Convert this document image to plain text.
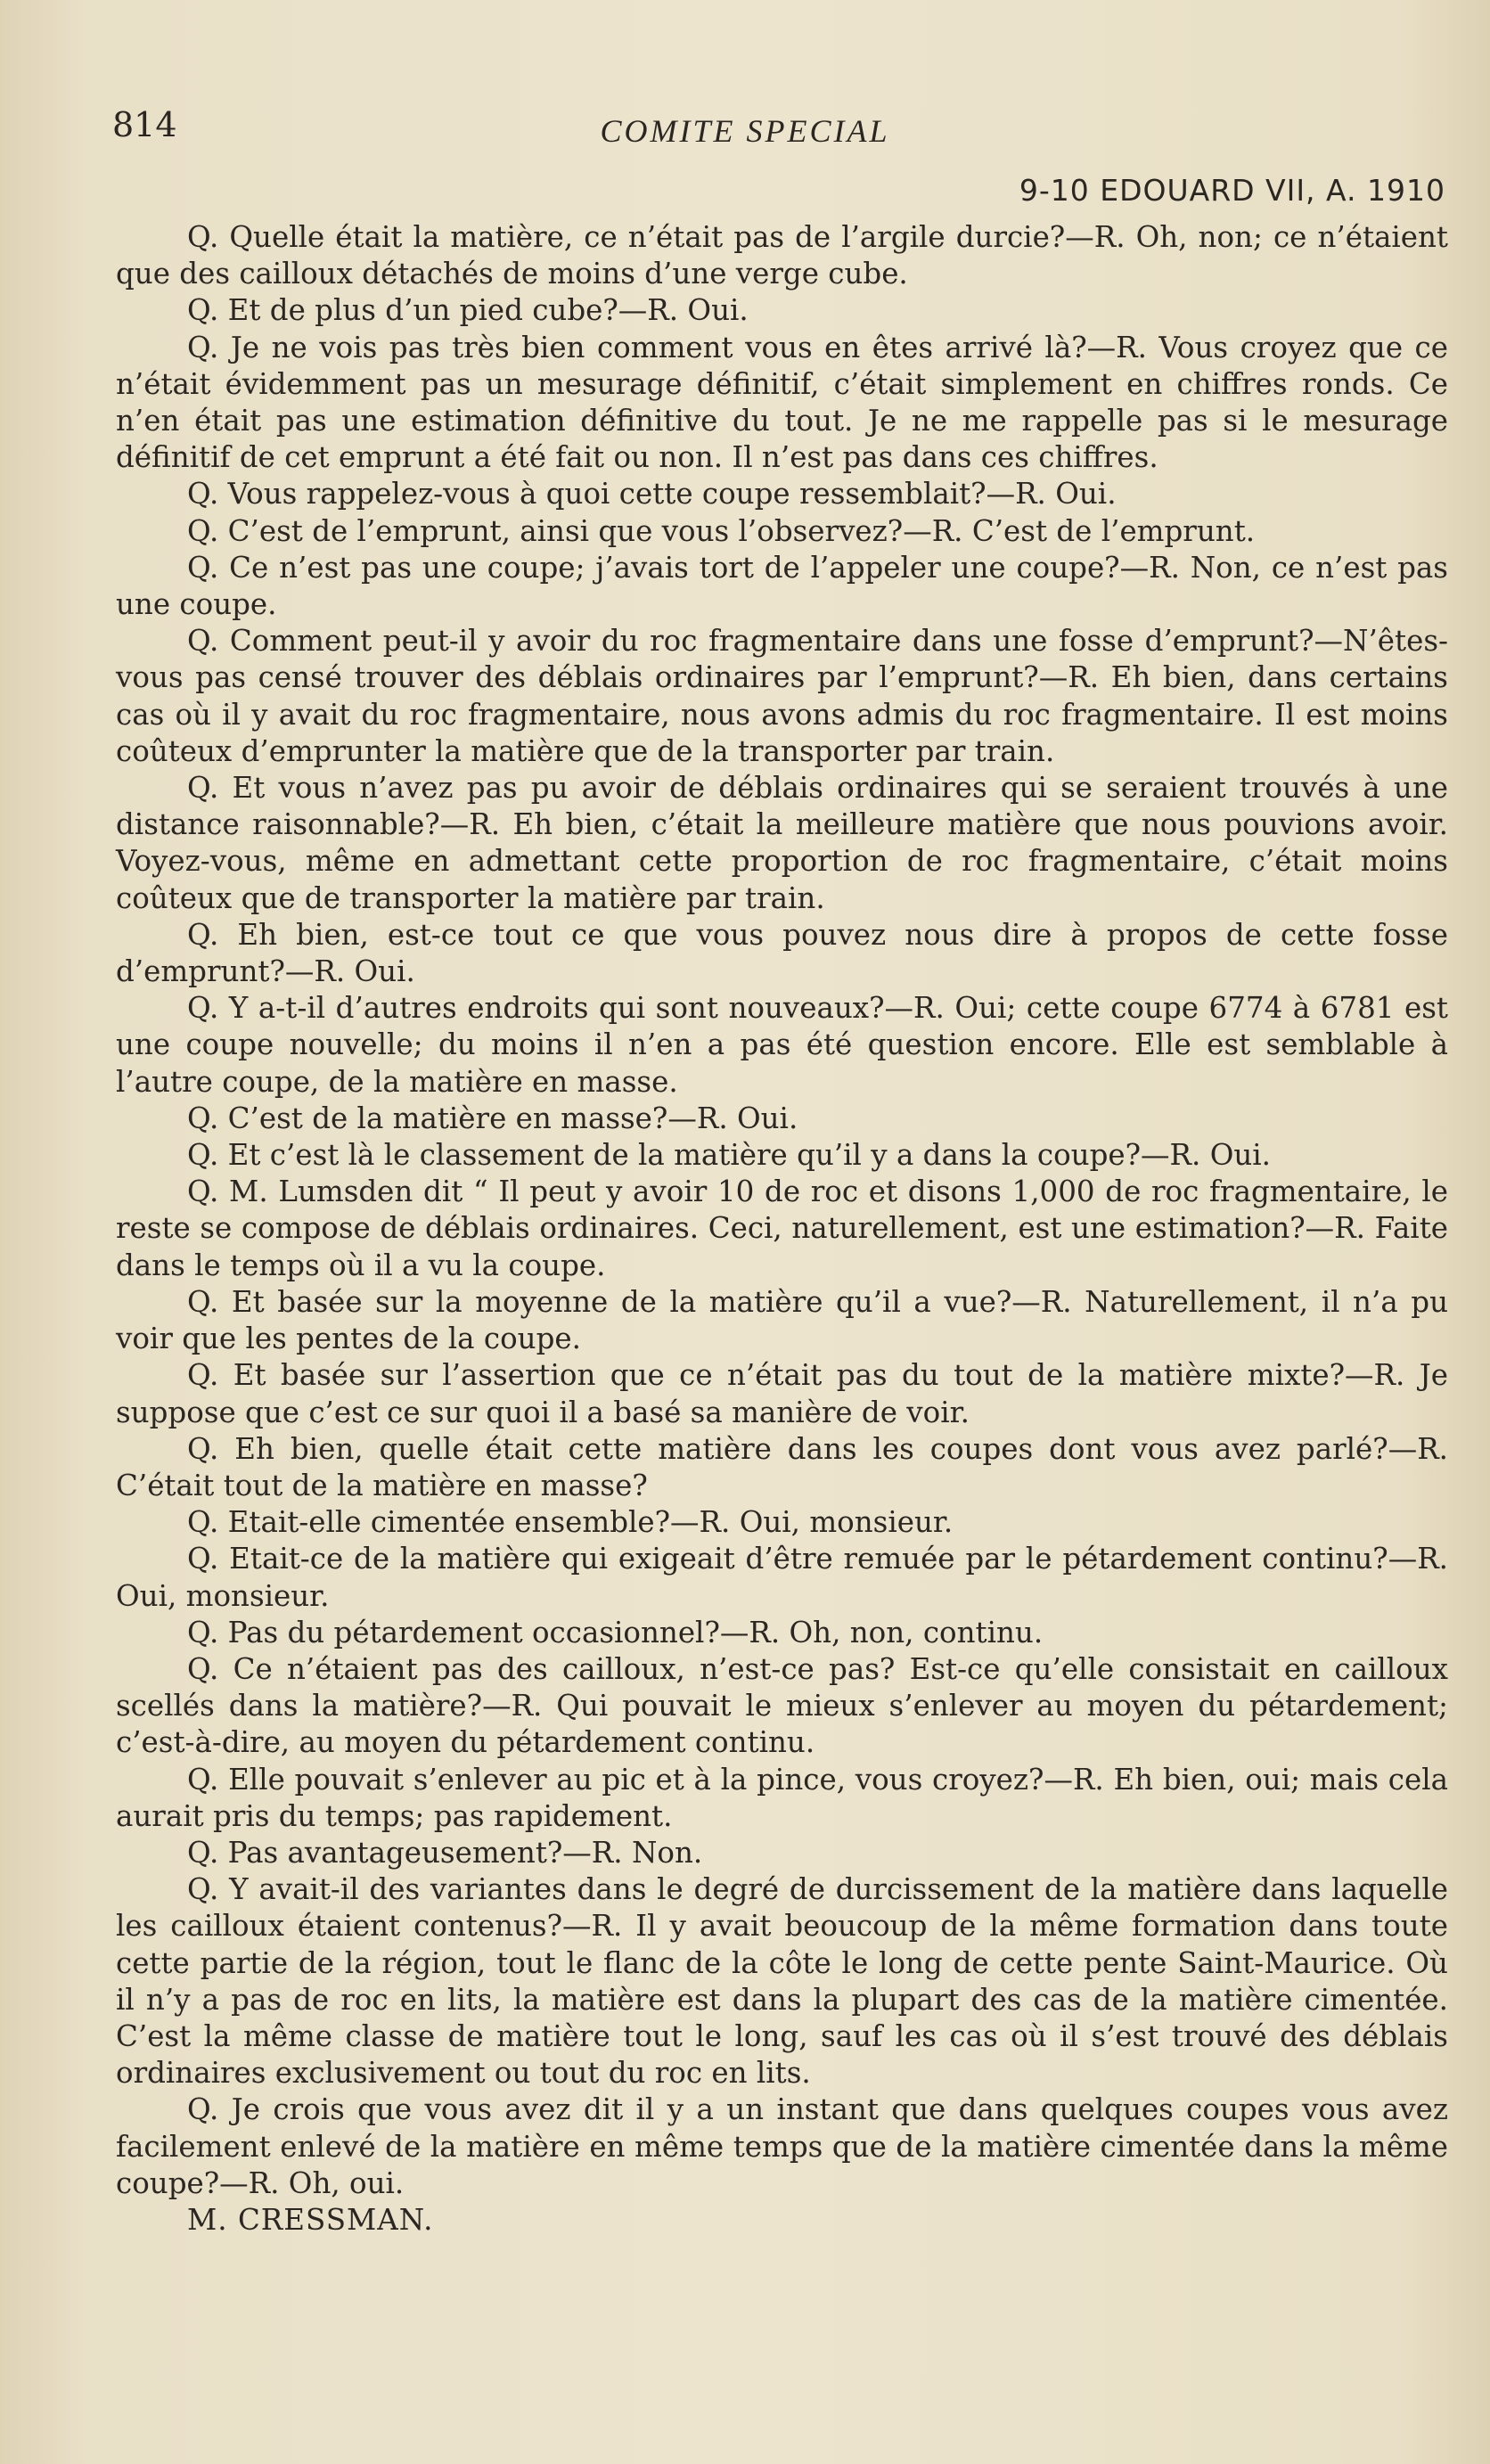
814	COMITE SPECIAL
9-10 EDOUARD VII, A. 1910

Q. Quelle était la matière, ce n’était pas de l’argile durcie?—R. Oh, non; ce n’étaient que des cailloux détachés de moins d’une verge cube.

Q. Et de plus d’un pied cube?—R. Oui.

Q. Je ne vois pas très bien comment vous en êtes arrivé là?—R. Vous croyez que ce n’était évidemment pas un mesurage définitif, c’était simplement en chiffres ronds. Ce n’en était pas une estimation définitive du tout. Je ne me rappelle pas si le mesurage définitif de cet emprunt a été fait ou non. Il n’est pas dans ces chiffres.

Q. Vous rappelez-vous à quoi cette coupe ressemblait?—R. Oui.

Q. C’est de l’emprunt, ainsi que vous l’observez?—R. C’est de l’emprunt.

Q. Ce n’est pas une coupe; j’avais tort de l’appeler une coupe?—R. Non, ce n’est pas une coupe.

Q. Comment peut-il y avoir du roc fragmentaire dans une fosse d’emprunt?—N’êtes-vous pas censé trouver des déblais ordinaires par l’emprunt?—R. Eh bien, dans certains cas où il y avait du roc fragmentaire, nous avons admis du roc fragmentaire. Il est moins coûteux d’emprunter la matière que de la transporter par train.

Q. Et vous n’avez pas pu avoir de déblais ordinaires qui se seraient trouvés à une distance raisonnable?—R. Eh bien, c’était la meilleure matière que nous pouvions avoir. Voyez-vous, même en admettant cette proportion de roc fragmentaire, c’était moins coûteux que de transporter la matière par train.

Q. Eh bien, est-ce tout ce que vous pouvez nous dire à propos de cette fosse d’emprunt?—R. Oui.

Q. Y a-t-il d’autres endroits qui sont nouveaux?—R. Oui; cette coupe 6774 à 6781 est une coupe nouvelle; du moins il n’en a pas été question encore. Elle est semblable à l’autre coupe, de la matière en masse.

Q. C’est de la matière en masse?—R. Oui.

Q. Et c’est là le classement de la matière qu’il y a dans la coupe?—R. Oui.

Q. M. Lumsden dit “ Il peut y avoir 10 de roc et disons 1,000 de roc fragmentaire, le reste se compose de déblais ordinaires. Ceci, naturellement, est une estimation?—R. Faite dans le temps où il a vu la coupe.

Q. Et basée sur la moyenne de la matière qu’il a vue?—R. Naturellement, il n’a pu voir que les pentes de la coupe.

Q. Et basée sur l’assertion que ce n’était pas du tout de la matière mixte?—R. Je suppose que c’est ce sur quoi il a basé sa manière de voir.

Q. Eh bien, quelle était cette matière dans les coupes dont vous avez parlé?—R. C’était tout de la matière en masse?

Q. Etait-elle cimentée ensemble?—R. Oui, monsieur.

Q. Etait-ce de la matière qui exigeait d’être remuée par le pétardement continu?—R. Oui, monsieur.

Q. Pas du pétardement occasionnel?—R. Oh, non, continu.

Q. Ce n’étaient pas des cailloux, n’est-ce pas? Est-ce qu’elle consistait en cailloux scellés dans la matière?—R. Qui pouvait le mieux s’enlever au moyen du pétardement; c’est-à-dire, au moyen du pétardement continu.

Q. Elle pouvait s’enlever au pic et à la pince, vous croyez?—R. Eh bien, oui; mais cela aurait pris du temps; pas rapidement.

Q. Pas avantageusement?—R. Non.

Q. Y avait-il des variantes dans le degré de durcissement de la matière dans laquelle les cailloux étaient contenus?—R. Il y avait beoucoup de la même formation dans toute cette partie de la région, tout le flanc de la côte le long de cette pente Saint-Maurice. Où il n’y a pas de roc en lits, la matière est dans la plupart des cas de la matière cimentée. C’est la même classe de matière tout le long, sauf les cas où il s’est trouvé des déblais ordinaires exclusivement ou tout du roc en lits.

Q. Je crois que vous avez dit il y a un instant que dans quelques coupes vous avez facilement enlevé de la matière en même temps que de la matière cimentée dans la même coupe?—R. Oh, oui.

M. CRESSMAN.
